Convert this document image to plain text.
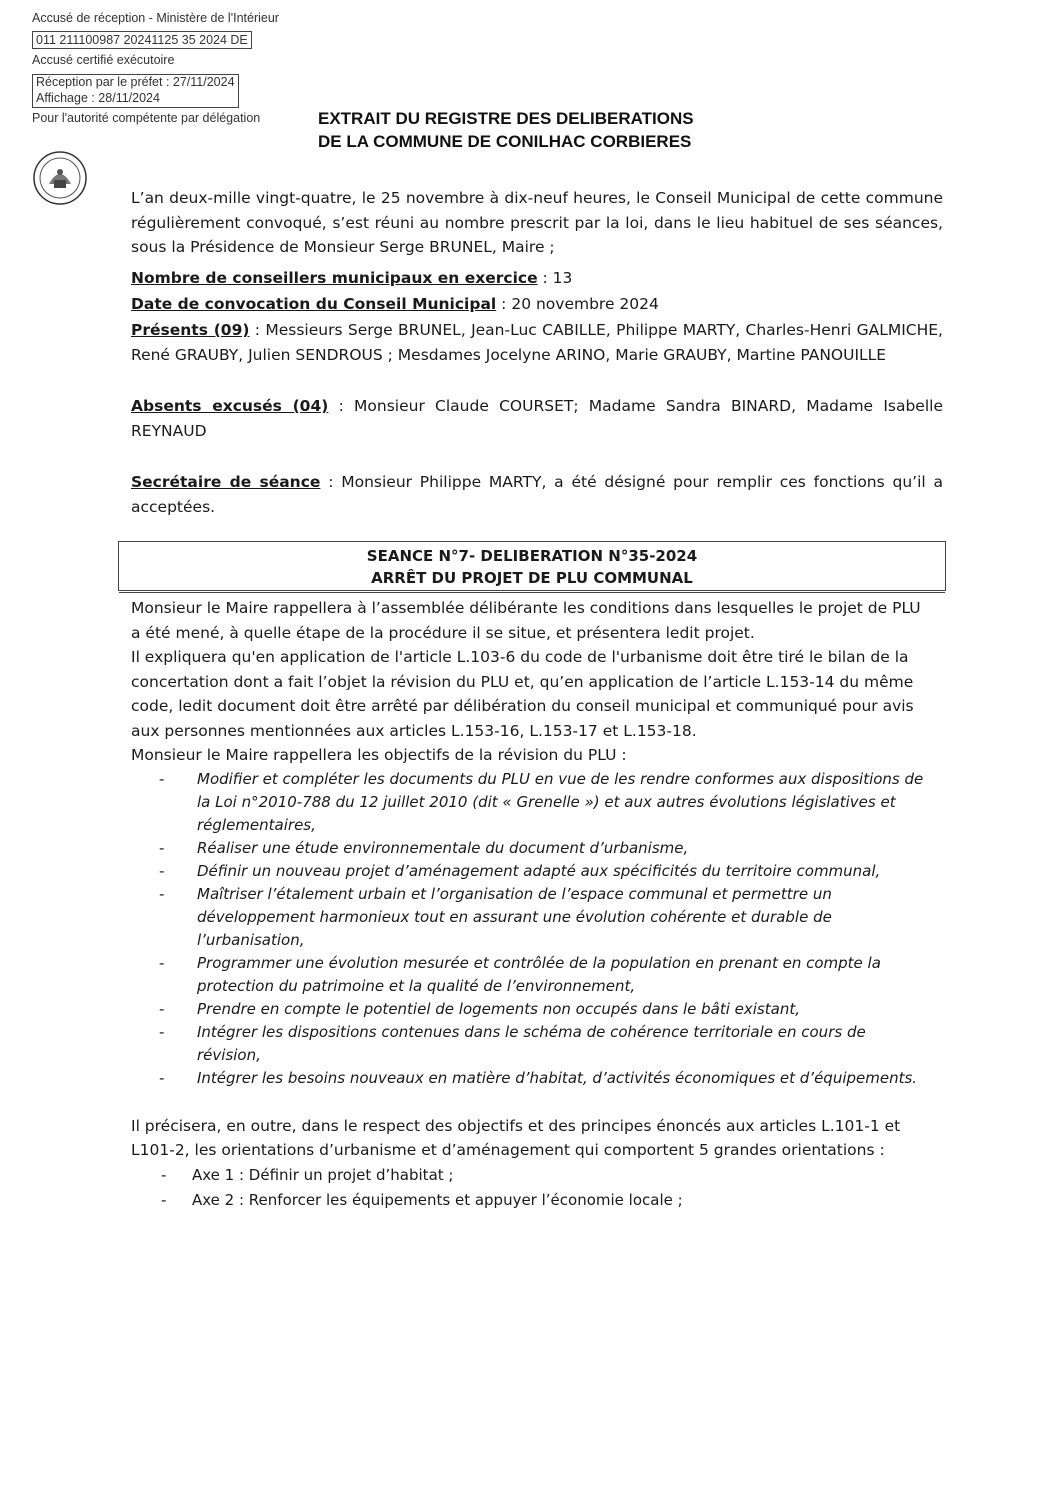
Accusé de réception - Ministère de l'Intérieur
011 211100987 20241125 35 2024 DE
Accusé certifié exécutoire
Réception par le préfet : 27/11/2024
Affichage : 28/11/2024
Pour l'autorité compétente par délégation	EXTRAIT DU REGISTRE DES DELIBERATIONS
DE LA COMMUNE DE CONILHAC CORBIERES
L’an deux-mille vingt-quatre, le 25 novembre à dix-neuf heures, le Conseil Municipal de cette commune régulièrement convoqué, s’est réuni au nombre prescrit par la loi, dans le lieu habituel de ses séances, sous la Présidence de Monsieur Serge BRUNEL, Maire ;
Nombre de conseillers municipaux en exercice : 13
Date de convocation du Conseil Municipal : 20 novembre 2024
Présents (09) : Messieurs Serge BRUNEL, Jean-Luc CABILLE, Philippe MARTY, Charles-Henri GALMICHE, René GRAUBY, Julien SENDROUS ; Mesdames Jocelyne ARINO, Marie GRAUBY, Martine PANOUILLE
Absents excusés (04) : Monsieur Claude COURSET; Madame Sandra BINARD, Madame Isabelle REYNAUD
Secrétaire de séance : Monsieur Philippe MARTY, a été désigné pour remplir ces fonctions qu’il a acceptées.
SEANCE N°7- DELIBERATION N°35-2024
ARRÊT DU PROJET DE PLU COMMUNAL
Monsieur le Maire rappellera à l’assemblée délibérante les conditions dans lesquelles le projet de PLU a été mené, à quelle étape de la procédure il se situe, et présentera ledit projet.
Il expliquera qu'en application de l'article L.103-6 du code de l'urbanisme doit être tiré le bilan de la concertation dont a fait l’objet la révision du PLU et, qu’en application de l’article L.153-14 du même code, ledit document doit être arrêté par délibération du conseil municipal et communiqué pour avis aux personnes mentionnées aux articles L.153-16, L.153-17 et L.153-18.
Monsieur le Maire rappellera les objectifs de la révision du PLU :
- Modifier et compléter les documents du PLU en vue de les rendre conformes aux dispositions de la Loi n°2010-788 du 12 juillet 2010 (dit « Grenelle ») et aux autres évolutions législatives et réglementaires,
- Réaliser une étude environnementale du document d’urbanisme,
- Définir un nouveau projet d’aménagement adapté aux spécificités du territoire communal,
- Maîtriser l’étalement urbain et l’organisation de l’espace communal et permettre un développement harmonieux tout en assurant une évolution cohérente et durable de l’urbanisation,
- Programmer une évolution mesurée et contrôlée de la population en prenant en compte la protection du patrimoine et la qualité de l’environnement,
- Prendre en compte le potentiel de logements non occupés dans le bâti existant,
- Intégrer les dispositions contenues dans le schéma de cohérence territoriale en cours de révision,
- Intégrer les besoins nouveaux en matière d’habitat, d’activités économiques et d’équipements.
Il précisera, en outre, dans le respect des objectifs et des principes énoncés aux articles L.101-1 et L101-2, les orientations d’urbanisme et d’aménagement qui comportent 5 grandes orientations :
- Axe 1 : Définir un projet d’habitat ;
- Axe 2 : Renforcer les équipements et appuyer l’économie locale ;
